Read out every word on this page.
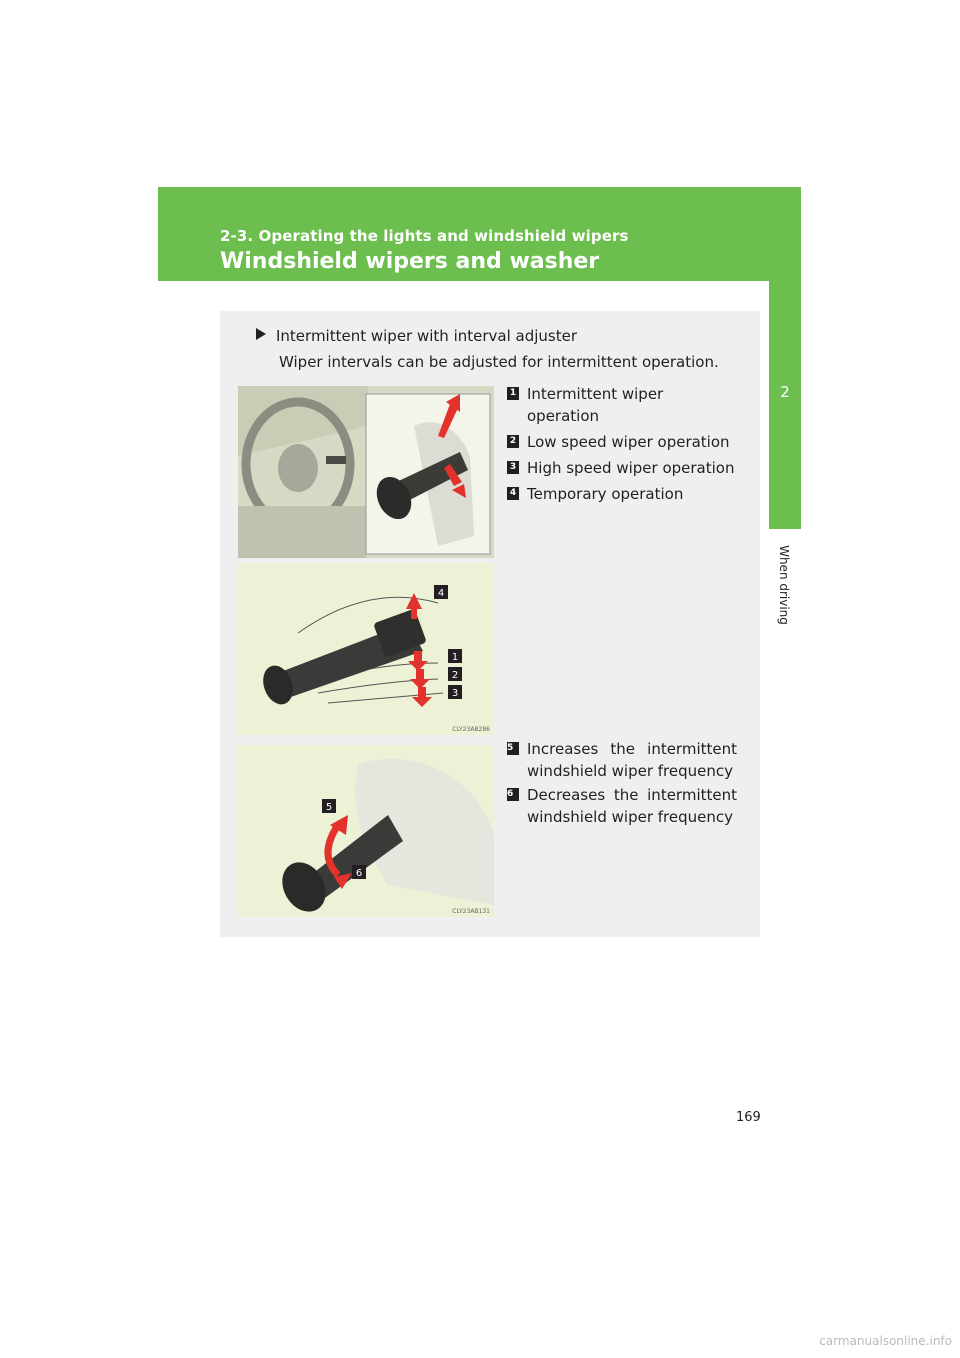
2-3. Operating the lights and windshield wipers
Windshield wipers and washer
2
When driving
Intermittent wiper with interval adjuster
Wiper intervals can be adjusted for intermittent operation.
4
1
2
3
CLY23AB286
5
6
CLY23AB131
1 Intermittent wiper operation
2 Low speed wiper operation
3 High speed wiper operation
4 Temporary operation
5 Increases the intermittent windshield wiper frequency
6 Decreases the intermittent windshield wiper frequency
169
carmanualsonline.info
